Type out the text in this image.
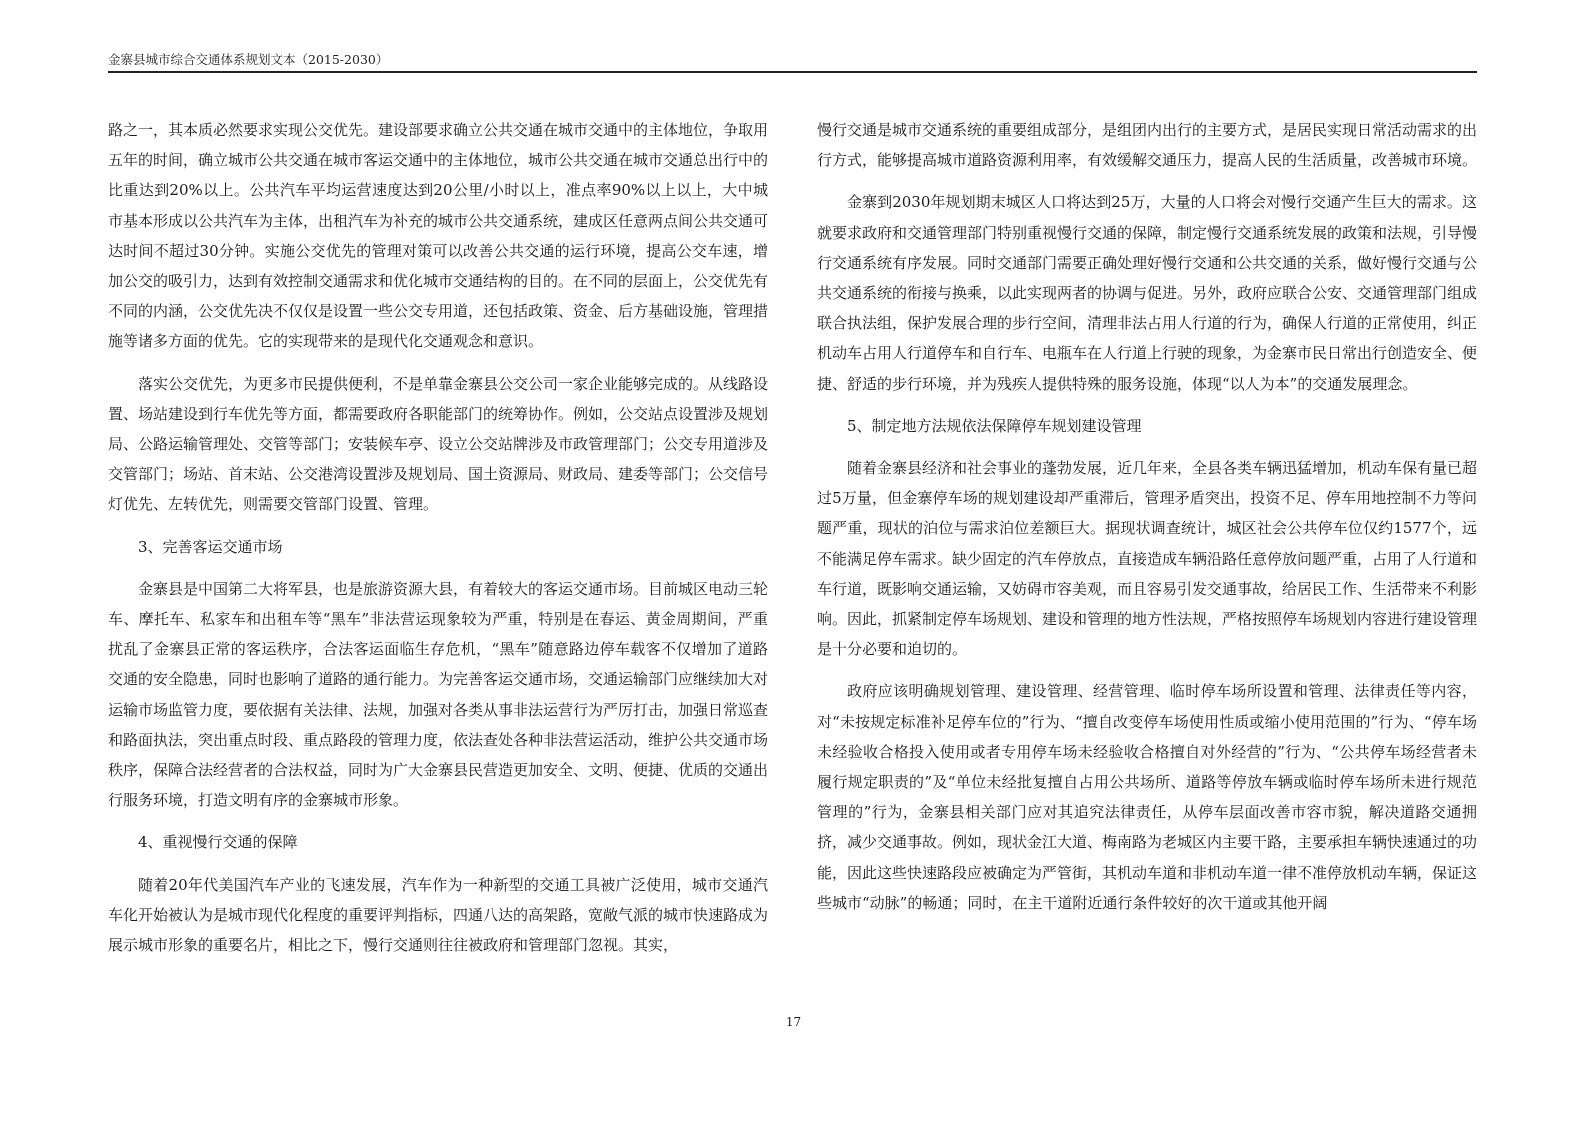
金寨县城市综合交通体系规划文本（2015-2030）

路之一，其本质必然要求实现公交优先。建设部要求确立公共交通在城市交通中的主体地位，争取用五年的时间，确立城市公共交通在城市客运交通中的主体地位，城市公共交通在城市交通总出行中的比重达到20%以上。公共汽车平均运营速度达到20公里/小时以上，准点率90%以上以上，大中城市基本形成以公共汽车为主体，出租汽车为补充的城市公共交通系统，建成区任意两点间公共交通可达时间不超过30分钟。实施公交优先的管理对策可以改善公共交通的运行环境，提高公交车速，增加公交的吸引力，达到有效控制交通需求和优化城市交通结构的目的。在不同的层面上，公交优先有不同的内涵，公交优先决不仅仅是设置一些公交专用道，还包括政策、资金、后方基础设施，管理措施等诸多方面的优先。它的实现带来的是现代化交通观念和意识。

落实公交优先，为更多市民提供便利，不是单靠金寨县公交公司一家企业能够完成的。从线路设置、场站建设到行车优先等方面，都需要政府各职能部门的统筹协作。例如，公交站点设置涉及规划局、公路运输管理处、交管等部门；安装候车亭、设立公交站牌涉及市政管理部门；公交专用道涉及交管部门；场站、首末站、公交港湾设置涉及规划局、国土资源局、财政局、建委等部门；公交信号灯优先、左转优先，则需要交管部门设置、管理。

3、完善客运交通市场

金寨县是中国第二大将军县，也是旅游资源大县，有着较大的客运交通市场。目前城区电动三轮车、摩托车、私家车和出租车等“黑车”非法营运现象较为严重，特别是在春运、黄金周期间，严重扰乱了金寨县正常的客运秩序，合法客运面临生存危机，“黑车”随意路边停车载客不仅增加了道路交通的安全隐患，同时也影响了道路的通行能力。为完善客运交通市场，交通运输部门应继续加大对运输市场监管力度，要依据有关法律、法规，加强对各类从事非法运营行为严厉打击，加强日常巡查和路面执法，突出重点时段、重点路段的管理力度，依法查处各种非法营运活动，维护公共交通市场秩序，保障合法经营者的合法权益，同时为广大金寨县民营造更加安全、文明、便捷、优质的交通出行服务环境，打造文明有序的金寨城市形象。

4、重视慢行交通的保障

随着20年代美国汽车产业的飞速发展，汽车作为一种新型的交通工具被广泛使用，城市交通汽车化开始被认为是城市现代化程度的重要评判指标，四通八达的高架路，宽敞气派的城市快速路成为展示城市形象的重要名片，相比之下，慢行交通则往往被政府和管理部门忽视。其实，

慢行交通是城市交通系统的重要组成部分，是组团内出行的主要方式，是居民实现日常活动需求的出行方式，能够提高城市道路资源利用率，有效缓解交通压力，提高人民的生活质量，改善城市环境。

金寨到2030年规划期末城区人口将达到25万，大量的人口将会对慢行交通产生巨大的需求。这就要求政府和交通管理部门特别重视慢行交通的保障，制定慢行交通系统发展的政策和法规，引导慢行交通系统有序发展。同时交通部门需要正确处理好慢行交通和公共交通的关系，做好慢行交通与公共交通系统的衔接与换乘，以此实现两者的协调与促进。另外，政府应联合公安、交通管理部门组成联合执法组，保护发展合理的步行空间，清理非法占用人行道的行为，确保人行道的正常使用，纠正机动车占用人行道停车和自行车、电瓶车在人行道上行驶的现象，为金寨市民日常出行创造安全、便捷、舒适的步行环境，并为残疾人提供特殊的服务设施，体现“以人为本”的交通发展理念。

5、制定地方法规依法保障停车规划建设管理

随着金寨县经济和社会事业的蓬勃发展，近几年来，全县各类车辆迅猛增加，机动车保有量已超过5万量，但金寨停车场的规划建设却严重滞后，管理矛盾突出，投资不足、停车用地控制不力等问题严重，现状的泊位与需求泊位差额巨大。据现状调查统计，城区社会公共停车位仅约1577个，远不能满足停车需求。缺少固定的汽车停放点，直接造成车辆沿路任意停放问题严重，占用了人行道和车行道，既影响交通运输，又妨碍市容美观，而且容易引发交通事故，给居民工作、生活带来不利影响。因此，抓紧制定停车场规划、建设和管理的地方性法规，严格按照停车场规划内容进行建设管理是十分必要和迫切的。

政府应该明确规划管理、建设管理、经营管理、临时停车场所设置和管理、法律责任等内容，对“未按规定标准补足停车位的”行为、“擅自改变停车场使用性质或缩小使用范围的”行为、“停车场未经验收合格投入使用或者专用停车场未经验收合格擅自对外经营的”行为、“公共停车场经营者未履行规定职责的”及“单位未经批复擅自占用公共场所、道路等停放车辆或临时停车场所未进行规范管理的”行为，金寨县相关部门应对其追究法律责任，从停车层面改善市容市貌，解决道路交通拥挤，减少交通事故。例如，现状金江大道、梅南路为老城区内主要干路，主要承担车辆快速通过的功能，因此这些快速路段应被确定为严管街，其机动车道和非机动车道一律不准停放机动车辆，保证这些城市“动脉”的畅通；同时，在主干道附近通行条件较好的次干道或其他开阔

17
